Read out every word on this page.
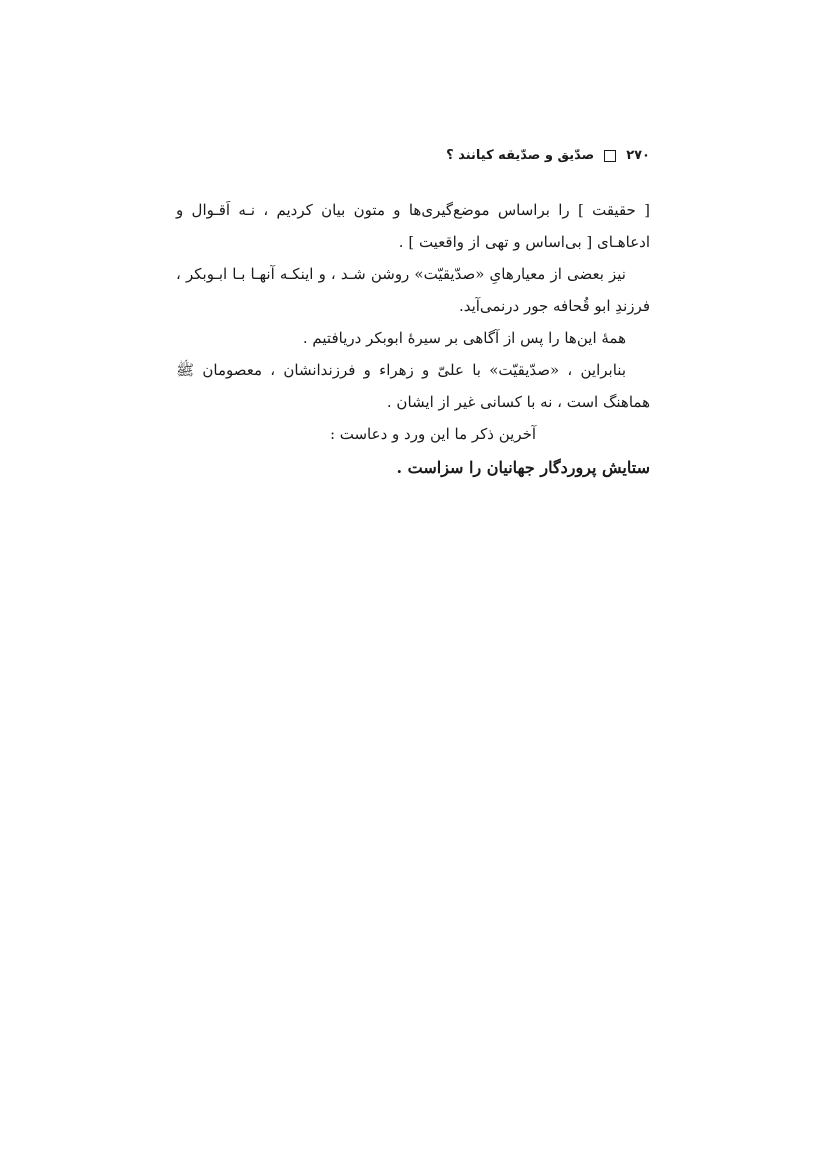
۲۷۰
صدّیق و صدّیقه کیانند ؟

[ حقیقت ] را براساس موضع‌گیری‌ها و متون بیان کردیم ، نـه اَقـوال و ادعاهـای [ بی‌اساس و تهی از واقعیت ] .

نیز بعضی از معیارهایِ «صدّیقیّت» روشن شـد ، و اینکـه آنهـا بـا ابـوبکر ، فرزندِ ابو قُحافه جور درنمی‌آید.

همهٔ این‌ها را پس از آگاهی بر سیرهٔ ابوبکر دریافتیم .

بنابراین ، «صدّیقیّت» با علیّ و زهراء و فرزندانشان ، معصومان ﷺ هماهنگ است ، نه با کسانی غیر از ایشان .

آخرین ذکر ما این ورد و دعاست :

ستایش پروردگار جهانیان را سزاست .
